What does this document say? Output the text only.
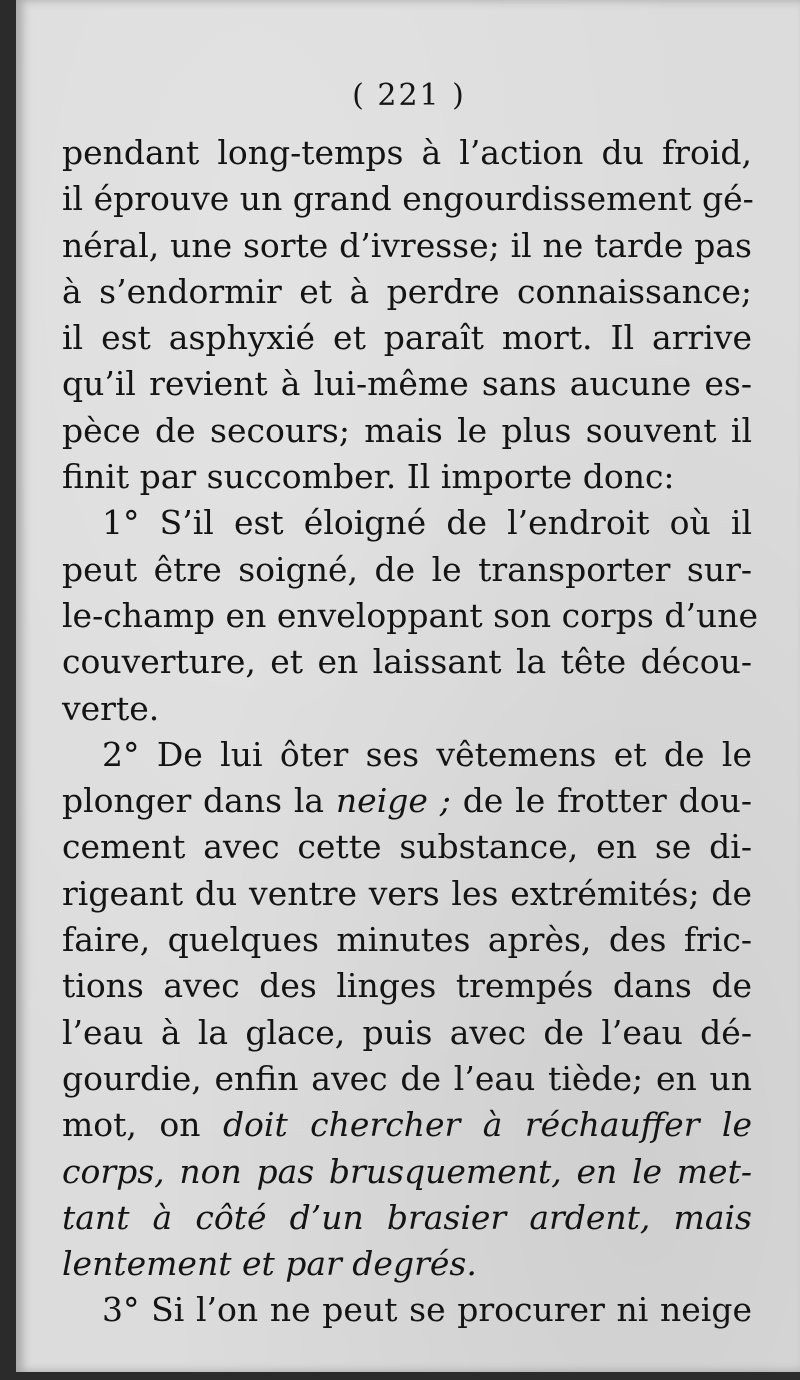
( 221 )
pendant long-temps à l’action du froid,
il éprouve un grand engourdissement gé-
néral, une sorte d’ivresse; il ne tarde pas
à s’endormir et à perdre connaissance;
il est asphyxié et paraît mort. Il arrive
qu’il revient à lui-même sans aucune es-
pèce de secours; mais le plus souvent il
finit par succomber. Il importe donc:
1° S’il est éloigné de l’endroit où il
peut être soigné, de le transporter sur-
le-champ en enveloppant son corps d’une
couverture, et en laissant la tête décou-
verte.
2° De lui ôter ses vêtemens et de le
plonger dans la neige ; de le frotter dou-
cement avec cette substance, en se di-
rigeant du ventre vers les extrémités; de
faire, quelques minutes après, des fric-
tions avec des linges trempés dans de
l’eau à la glace, puis avec de l’eau dé-
gourdie, enfin avec de l’eau tiède; en un
mot, on doit chercher à réchauffer le
corps, non pas brusquement, en le met-
tant à côté d’un brasier ardent, mais
lentement et par degrés.
3° Si l’on ne peut se procurer ni neige
